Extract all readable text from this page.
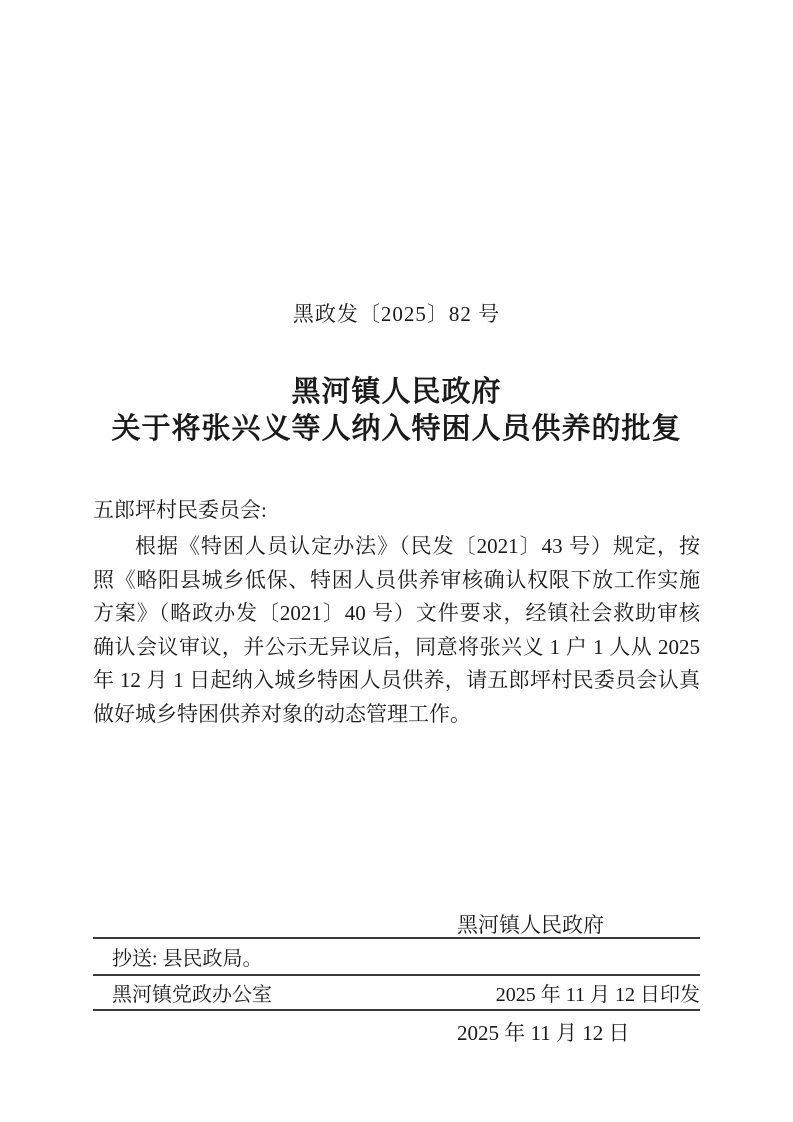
黑政发〔2025〕82 号
黑河镇人民政府
关于将张兴义等人纳入特困人员供养的批复
五郎坪村民委员会:
根据《特困人员认定办法》（民发〔2021〕43 号）规定，按
照《略阳县城乡低保、特困人员供养审核确认权限下放工作实施
方案》（略政办发〔2021〕40 号）文件要求，经镇社会救助审核
确认会议审议，并公示无异议后，同意将张兴义 1 户 1 人从 2025
年 12 月 1 日起纳入城乡特困人员供养，请五郎坪村民委员会认真
做好城乡特困供养对象的动态管理工作。

黑河镇人民政府

2025 年 11 月 12 日

抄送: 县民政局。
黑河镇党政办公室	2025 年 11 月 12 日印发
